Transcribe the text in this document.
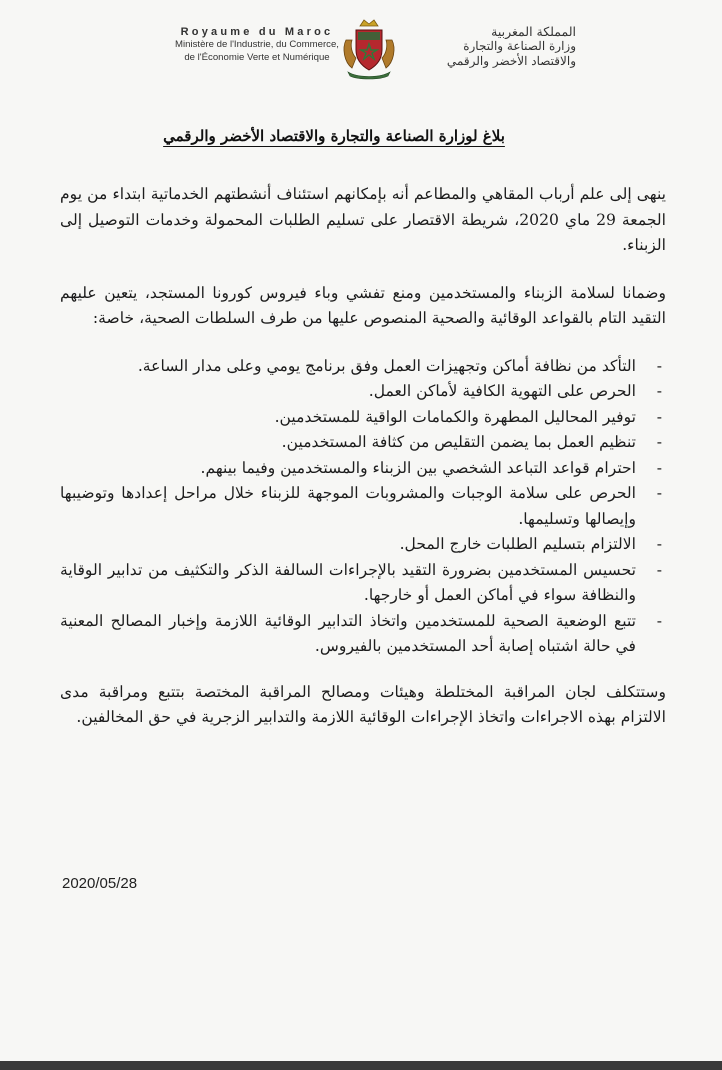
Royaume du Maroc
Ministère de l'Industrie, du Commerce,
de l'Économie Verte et Numérique
المملكة المغربية
وزارة الصناعة والتجارة
والاقتصاد الأخضر والرقمي
بلاغ لوزارة الصناعة والتجارة والاقتصاد الأخضر والرقمي

ينهى إلى علم أرباب المقاهي والمطاعم أنه بإمكانهم استئناف أنشطتهم الخدماتية ابتداء من يوم الجمعة 29 ماي 2020، شريطة الاقتصار على تسليم الطلبات المحمولة وخدمات التوصيل إلى الزبناء.

وضمانا لسلامة الزبناء والمستخدمين ومنع تفشي وباء فيروس كورونا المستجد، يتعين عليهم التقيد التام بالقواعد الوقائية والصحية المنصوص عليها من طرف السلطات الصحية، خاصة:

-
التأكد من نظافة أماكن وتجهيزات العمل وفق برنامج يومي وعلى مدار الساعة.
-
الحرص على التهوية الكافية لأماكن العمل.
-
توفير المحاليل المطهرة والكمامات الواقية للمستخدمين.
-
تنظيم العمل بما يضمن التقليص من كثافة المستخدمين.
-
احترام قواعد التباعد الشخصي بين الزبناء والمستخدمين وفيما بينهم.
-
الحرص على سلامة الوجبات والمشروبات الموجهة للزبناء خلال مراحل إعدادها وتوضيبها وإيصالها وتسليمها.
-
الالتزام بتسليم الطلبات خارج المحل.
-
تحسيس المستخدمين بضرورة التقيد بالإجراءات السالفة الذكر والتكثيف من تدابير الوقاية والنظافة سواء في أماكن العمل أو خارجها.
-
تتبع الوضعية الصحية للمستخدمين واتخاذ التدابير الوقائية اللازمة وإخبار المصالح المعنية في حالة اشتباه إصابة أحد المستخدمين بالفيروس.

وستتكلف لجان المراقبة المختلطة وهيئات ومصالح المراقبة المختصة بتتبع ومراقبة مدى الالتزام بهذه الاجراءات واتخاذ الإجراءات الوقائية اللازمة والتدابير الزجرية في حق المخالفين.

2020/05/28
